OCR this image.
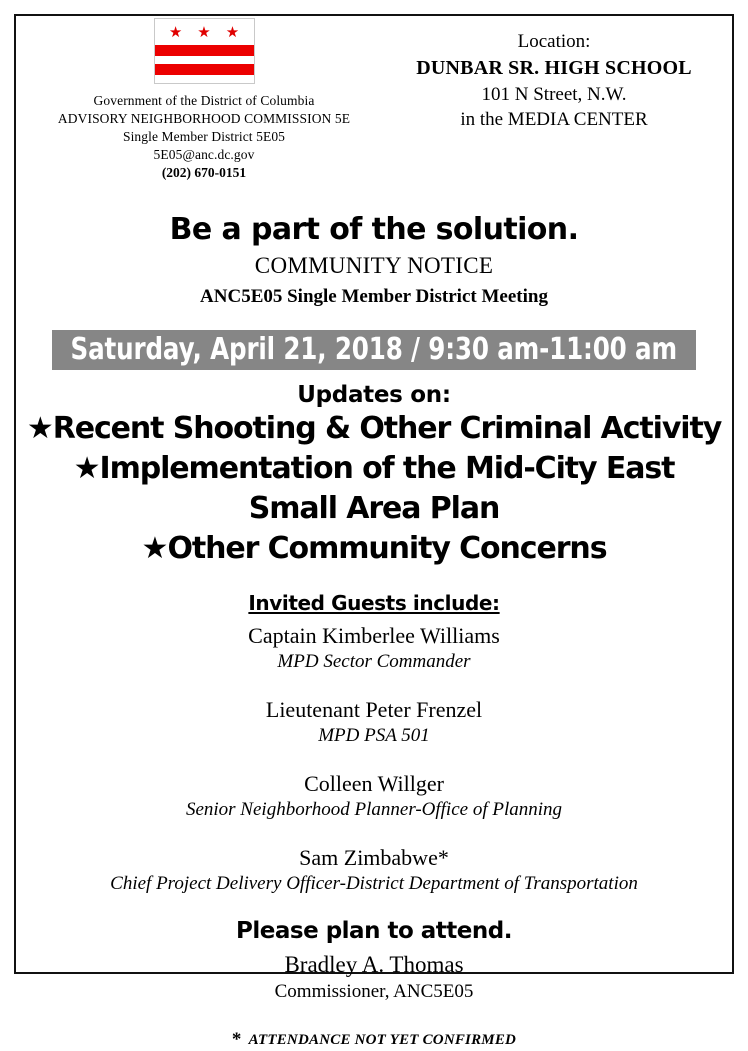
★ ★ ★
Government of the District of Columbia
ADVISORY NEIGHBORHOOD COMMISSION 5E
Single Member District 5E05
5E05@anc.dc.gov
(202) 670-0151
Location:
DUNBAR SR. HIGH SCHOOL
101 N Street, N.W.
in the MEDIA CENTER
Be a part of the solution.
COMMUNITY NOTICE
ANC5E05 Single Member District Meeting
Saturday, April 21, 2018 / 9:30 am-11:00 am
Updates on:
★Recent Shooting & Other Criminal Activity
★Implementation of the Mid-City East
Small Area Plan
★Other Community Concerns
Invited Guests include:
Captain Kimberlee Williams
MPD Sector Commander
Lieutenant Peter Frenzel
MPD PSA 501
Colleen Willger
Senior Neighborhood Planner-Office of Planning
Sam Zimbabwe*
Chief Project Delivery Officer-District Department of Transportation
Please plan to attend.
Bradley A. Thomas
Commissioner, ANC5E05
* ATTENDANCE NOT YET CONFIRMED
